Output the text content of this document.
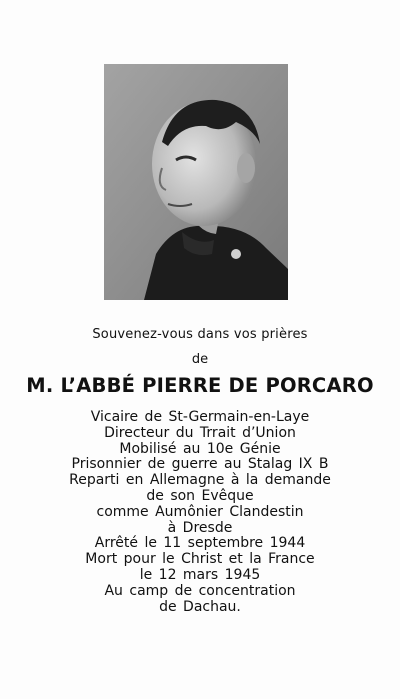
Souvenez-vous dans vos prières
de
M. L’ABBÉ PIERRE DE PORCARO
Vicaire de St-Germain-en-Laye
Directeur du Trrait d’Union
Mobilisé au 10e Génie
Prisonnier de guerre au Stalag IX B
Reparti en Allemagne à la demande
de son Evêque
comme Aumônier Clandestin
à Dresde
Arrêté le 11 septembre 1944
Mort pour le Christ et la France
le 12 mars 1945
Au camp de concentration
de Dachau.
